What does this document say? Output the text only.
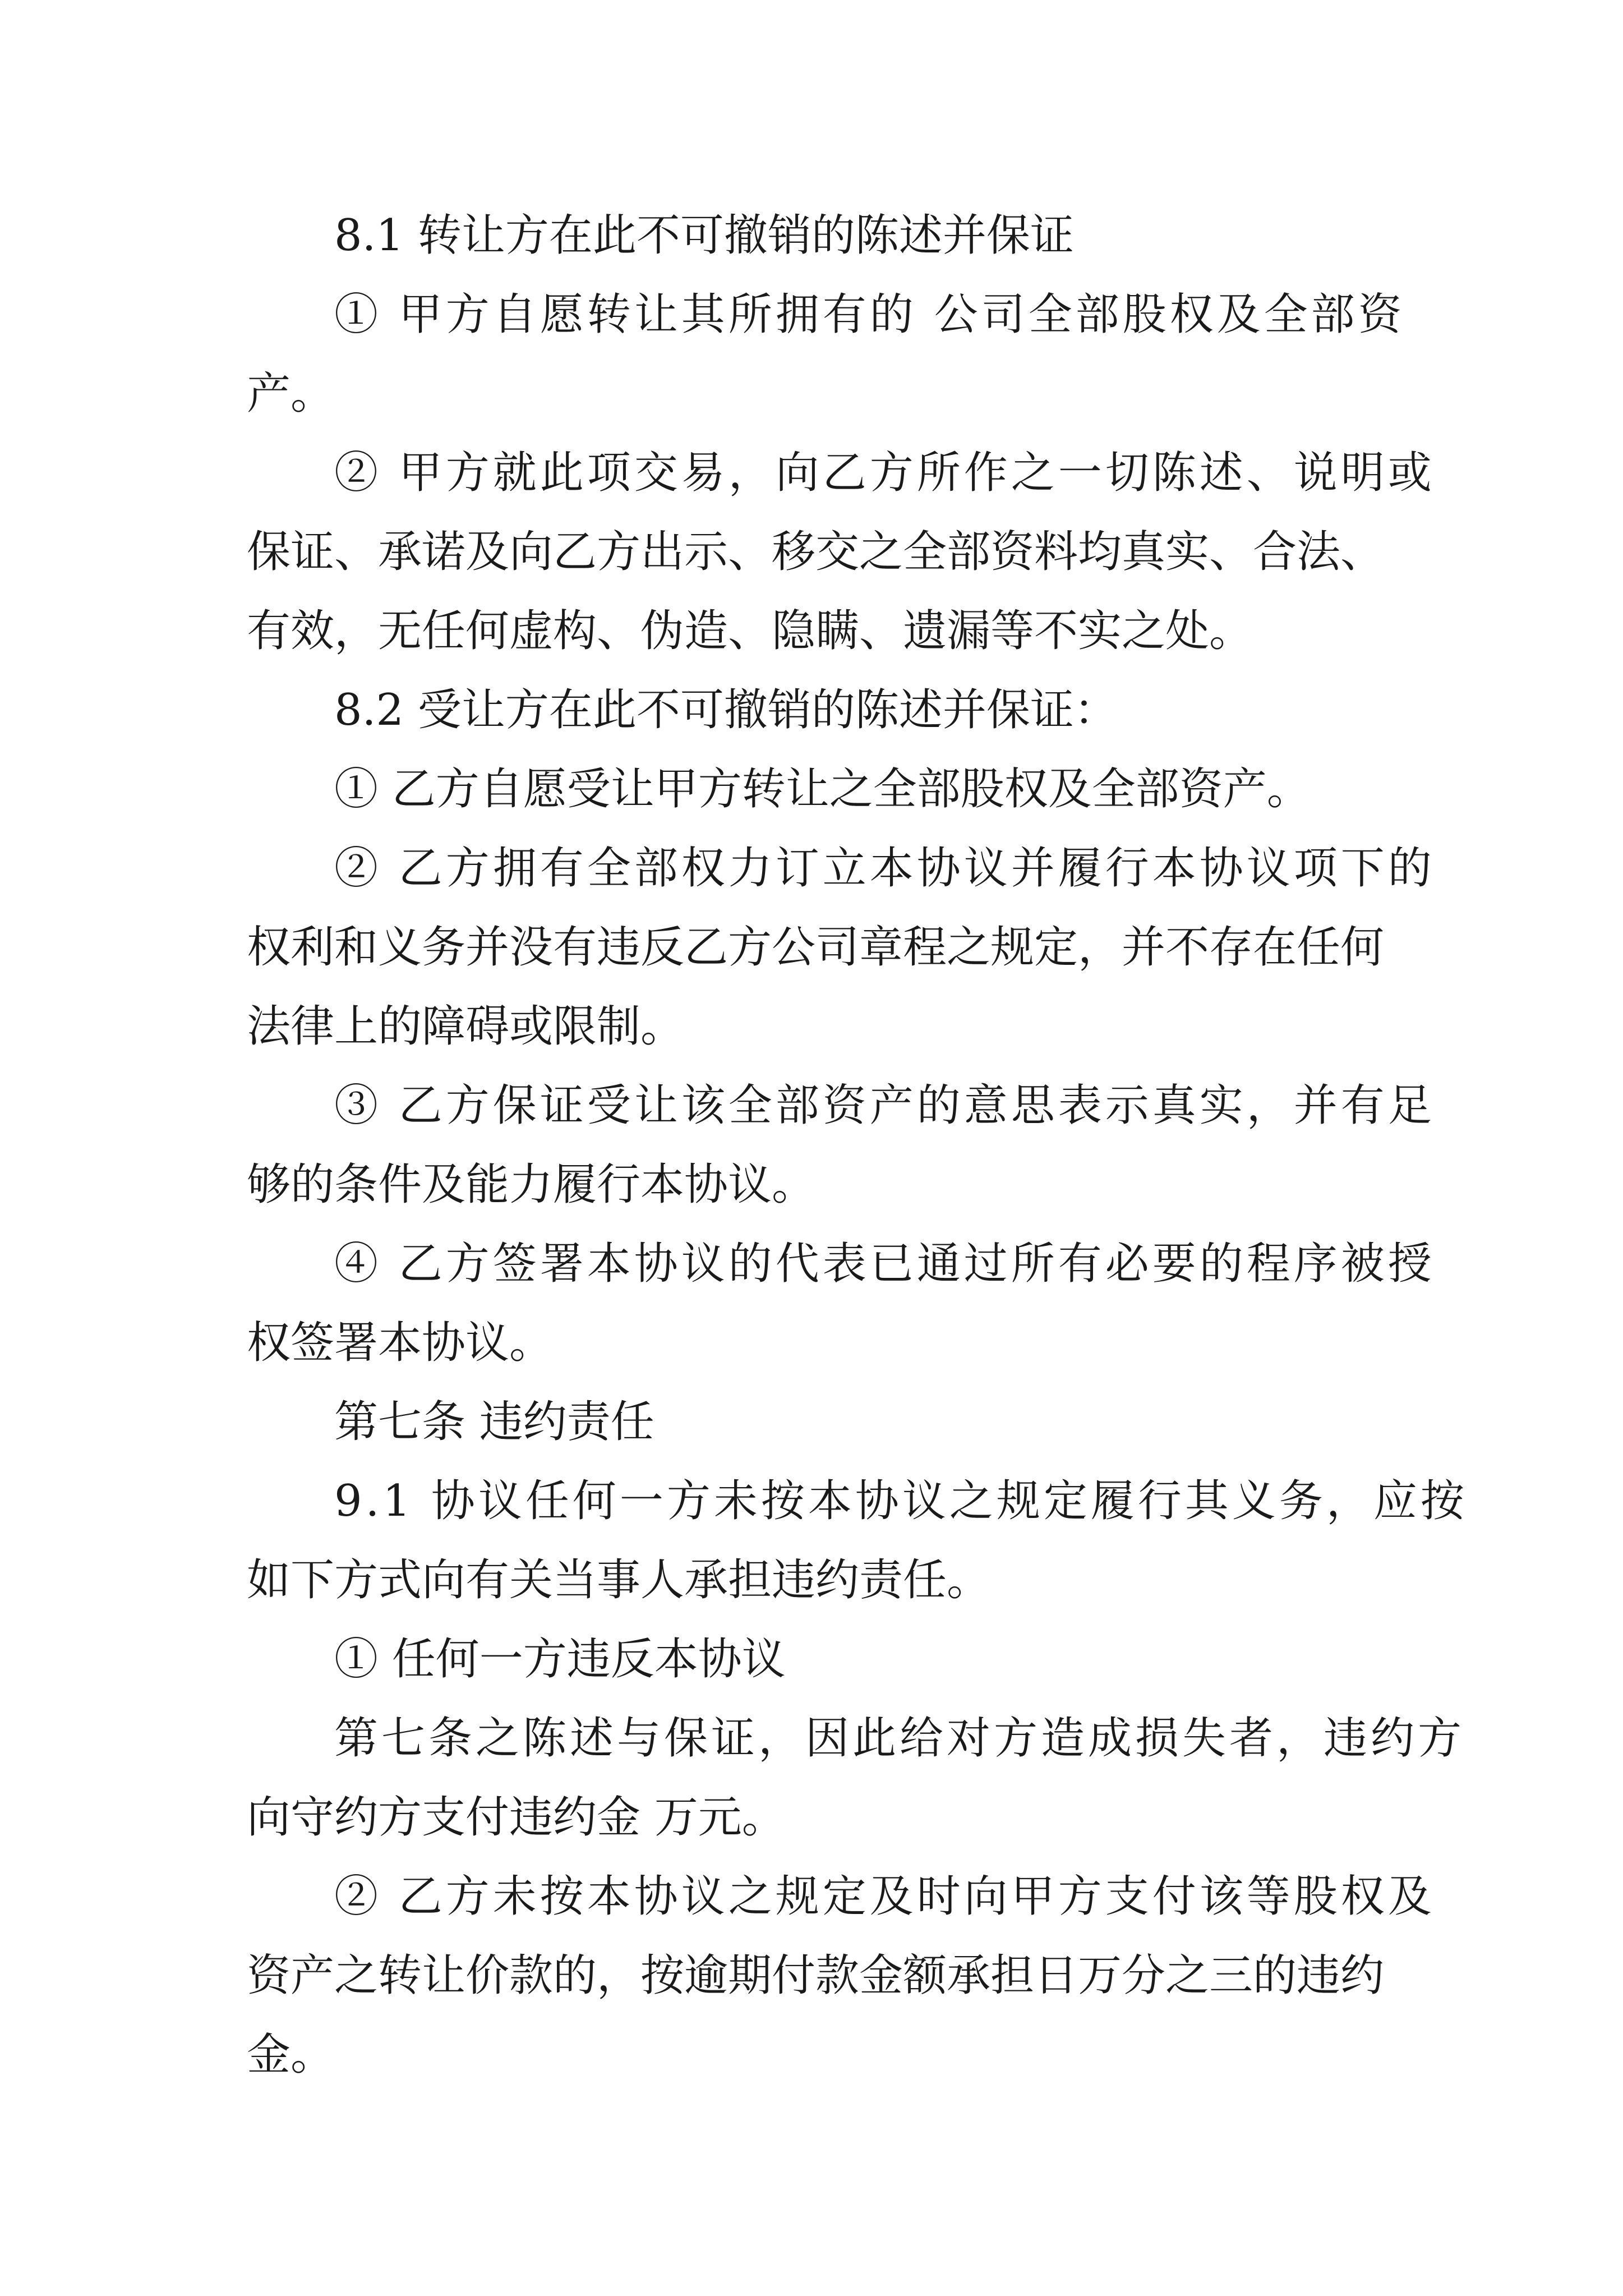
8.1 转让方在此不可撤销的陈述并保证
① 甲方自愿转让其所拥有的 公司全部股权及全部资
产。
② 甲方就此项交易，向乙方所作之一切陈述、说明或
保证、承诺及向乙方出示、移交之全部资料均真实、合法、
有效，无任何虚构、伪造、隐瞒、遗漏等不实之处。
8.2 受让方在此不可撤销的陈述并保证：
① 乙方自愿受让甲方转让之全部股权及全部资产。
② 乙方拥有全部权力订立本协议并履行本协议项下的
权利和义务并没有违反乙方公司章程之规定，并不存在任何
法律上的障碍或限制。
③ 乙方保证受让该全部资产的意思表示真实，并有足
够的条件及能力履行本协议。
④ 乙方签署本协议的代表已通过所有必要的程序被授
权签署本协议。
第七条 违约责任
9.1 协议任何一方未按本协议之规定履行其义务，应按
如下方式向有关当事人承担违约责任。
① 任何一方违反本协议
第七条之陈述与保证，因此给对方造成损失者，违约方
向守约方支付违约金 万元。
② 乙方未按本协议之规定及时向甲方支付该等股权及
资产之转让价款的，按逾期付款金额承担日万分之三的违约
金。
